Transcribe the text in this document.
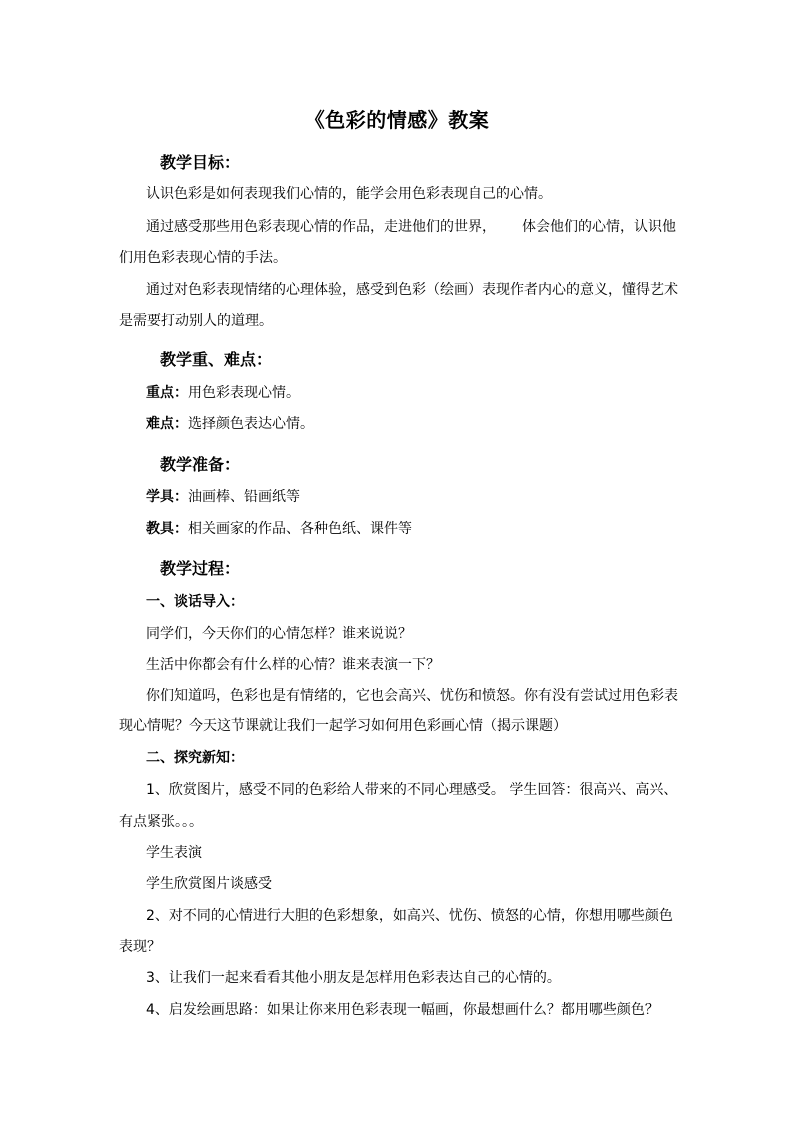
《色彩的情感》教案
教学目标：
认识色彩是如何表现我们心情的，能学会用色彩表现自己的心情。
通过感受那些用色彩表现心情的作品，走进他们的世界， 体会他们的心情，认识他
们用色彩表现心情的手法。
通过对色彩表现情绪的心理体验，感受到色彩（绘画）表现作者内心的意义，懂得艺术
是需要打动别人的道理。
教学重、难点：
重点：用色彩表现心情。
难点：选择颜色表达心情。
教学准备：
学具：油画棒、铅画纸等
教具：相关画家的作品、各种色纸、课件等
教学过程：
一、谈话导入：
同学们，今天你们的心情怎样？谁来说说？
生活中你都会有什么样的心情？谁来表演一下？
你们知道吗，色彩也是有情绪的，它也会高兴、忧伤和愤怒。你有没有尝试过用色彩表
现心情呢？今天这节课就让我们一起学习如何用色彩画心情（揭示课题）
二、探究新知：
1、欣赏图片，感受不同的色彩给人带来的不同心理感受。 学生回答：很高兴、高兴、
有点紧张。。。
学生表演
学生欣赏图片谈感受
2、对不同的心情进行大胆的色彩想象，如高兴、忧伤、愤怒的心情，你想用哪些颜色
表现？
3、让我们一起来看看其他小朋友是怎样用色彩表达自己的心情的。
4、启发绘画思路：如果让你来用色彩表现一幅画，你最想画什么？都用哪些颜色？
